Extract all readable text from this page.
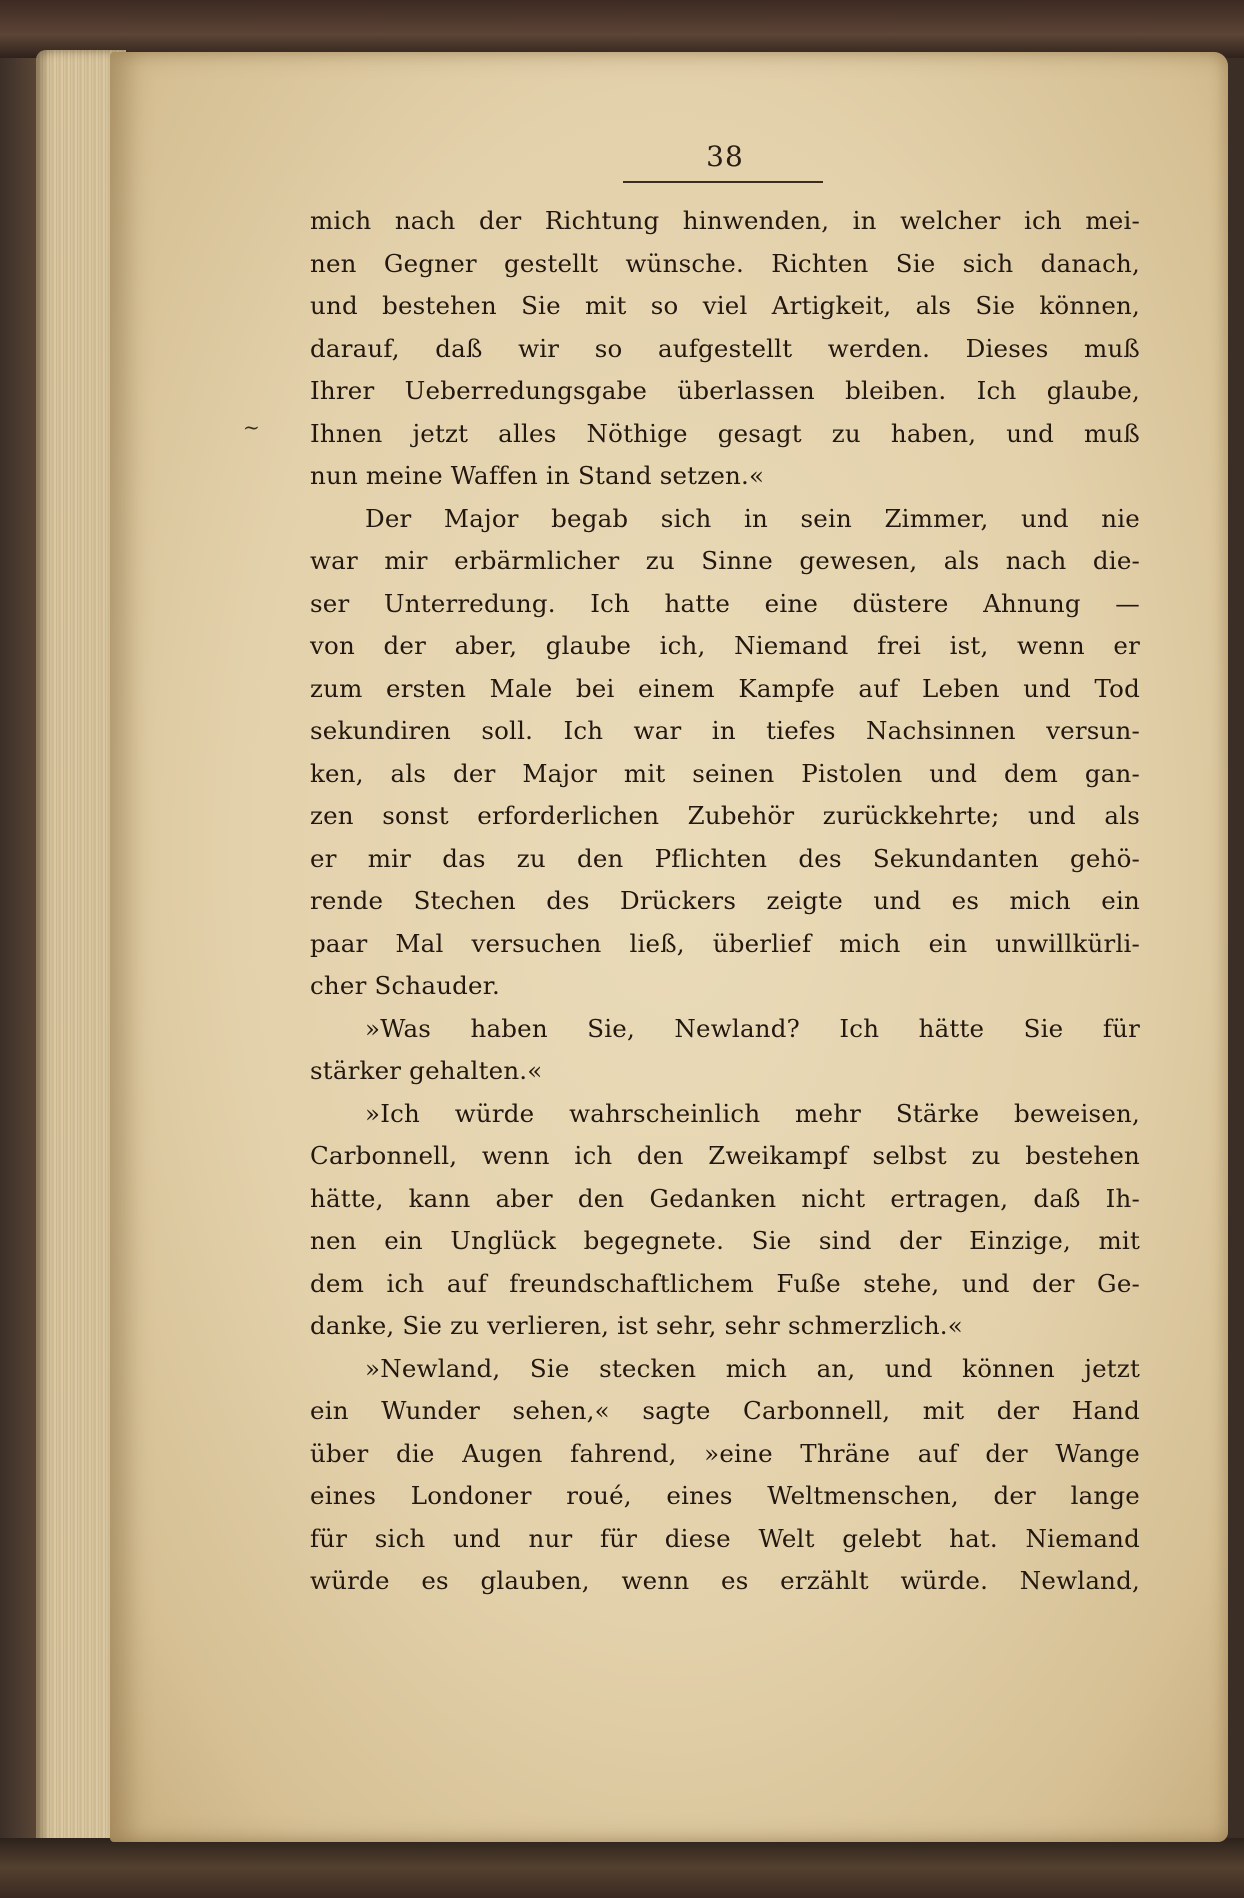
38
~
mich nach der Richtung hinwenden, in welcher ich mei-
nen Gegner gestellt wünsche. Richten Sie sich danach,
und bestehen Sie mit so viel Artigkeit, als Sie können,
darauf, daß wir so aufgestellt werden. Dieses muß
Ihrer Ueberredungsgabe überlassen bleiben. Ich glaube,
Ihnen jetzt alles Nöthige gesagt zu haben, und muß
nun meine Waffen in Stand setzen.«
Der Major begab sich in sein Zimmer, und nie
war mir erbärmlicher zu Sinne gewesen, als nach die-
ser Unterredung. Ich hatte eine düstere Ahnung —
von der aber, glaube ich, Niemand frei ist, wenn er
zum ersten Male bei einem Kampfe auf Leben und Tod
sekundiren soll. Ich war in tiefes Nachsinnen versun-
ken, als der Major mit seinen Pistolen und dem gan-
zen sonst erforderlichen Zubehör zurückkehrte; und als
er mir das zu den Pflichten des Sekundanten gehö-
rende Stechen des Drückers zeigte und es mich ein
paar Mal versuchen ließ, überlief mich ein unwillkürli-
cher Schauder.
»Was haben Sie, Newland? Ich hätte Sie für
stärker gehalten.«
»Ich würde wahrscheinlich mehr Stärke beweisen,
Carbonnell, wenn ich den Zweikampf selbst zu bestehen
hätte, kann aber den Gedanken nicht ertragen, daß Ih-
nen ein Unglück begegnete. Sie sind der Einzige, mit
dem ich auf freundschaftlichem Fuße stehe, und der Ge-
danke, Sie zu verlieren, ist sehr, sehr schmerzlich.«
»Newland, Sie stecken mich an, und können jetzt
ein Wunder sehen,« sagte Carbonnell, mit der Hand
über die Augen fahrend, »eine Thräne auf der Wange
eines Londoner roué, eines Weltmenschen, der lange
für sich und nur für diese Welt gelebt hat. Niemand
würde es glauben, wenn es erzählt würde. Newland,
